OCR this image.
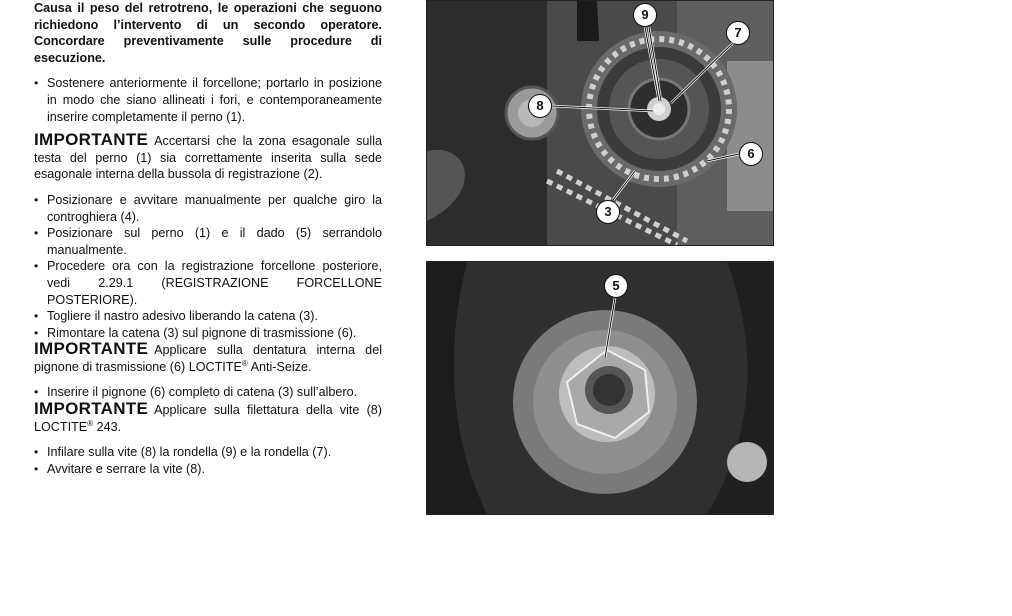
Causa il peso del retrotreno, le operazioni che seguono richiedono l’intervento di un secondo operatore. Concordare preventivamente sulle procedure di esecuzione.

• Sostenere anteriormente il forcellone; portarlo in posizione in modo che siano allineati i fori, e contemporaneamente inserire completamente il perno (1).

IMPORTANTE Accertarsi che la zona esagonale sulla testa del perno (1) sia correttamente inserita sulla sede esagonale interna della bussola di registrazione (2).

• Posizionare e avvitare manualmente per qualche giro la controghiera (4).
• Posizionare sul perno (1) e il dado (5) serrandolo manualmente.
• Procedere ora con la registrazione forcellone posteriore, vedi 2.29.1 (REGISTRAZIONE FORCELLONE POSTERIORE).
• Togliere il nastro adesivo liberando la catena (3).
• Rimontare la catena (3) sul pignone di trasmissione (6).

IMPORTANTE Applicare sulla dentatura interna del pignone di trasmissione (6) LOCTITE® Anti-Seize.

• Inserire il pignone (6) completo di catena (3) sull’albero.

IMPORTANTE Applicare sulla filettatura della vite (8) LOCTITE® 243.

• Infilare sulla vite (8) la rondella (9) e la rondella (7).
• Avvitare e serrare la vite (8).
9
7
8
6
3
5
